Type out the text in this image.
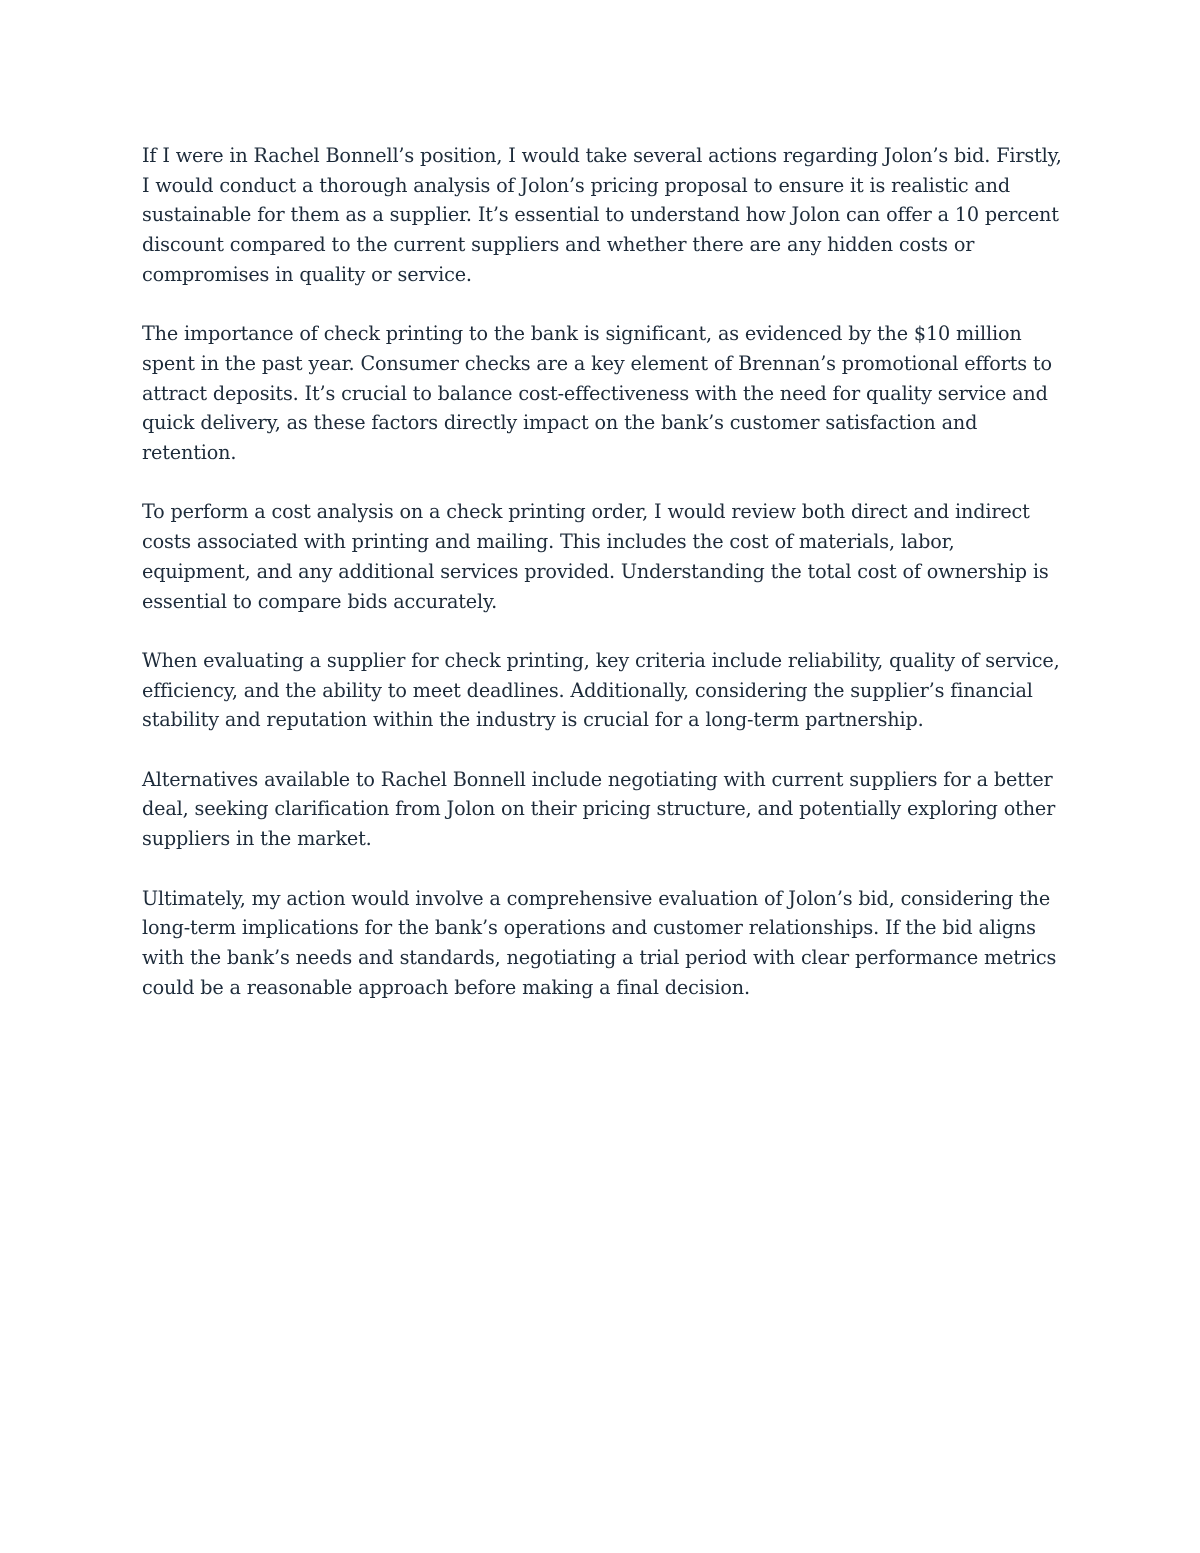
If I were in Rachel Bonnell’s position, I would take several actions regarding Jolon’s bid. Firstly, I would conduct a thorough analysis of Jolon’s pricing proposal to ensure it is realistic and sustainable for them as a supplier. It’s essential to understand how Jolon can offer a 10 percent discount compared to the current suppliers and whether there are any hidden costs or compromises in quality or service.

The importance of check printing to the bank is significant, as evidenced by the $10 million spent in the past year. Consumer checks are a key element of Brennan’s promotional efforts to attract deposits. It’s crucial to balance cost-effectiveness with the need for quality service and quick delivery, as these factors directly impact on the bank’s customer satisfaction and retention.

To perform a cost analysis on a check printing order, I would review both direct and indirect costs associated with printing and mailing. This includes the cost of materials, labor, equipment, and any additional services provided. Understanding the total cost of ownership is essential to compare bids accurately.

When evaluating a supplier for check printing, key criteria include reliability, quality of service, efficiency, and the ability to meet deadlines. Additionally, considering the supplier’s financial stability and reputation within the industry is crucial for a long-term partnership.

Alternatives available to Rachel Bonnell include negotiating with current suppliers for a better deal, seeking clarification from Jolon on their pricing structure, and potentially exploring other suppliers in the market.

Ultimately, my action would involve a comprehensive evaluation of Jolon’s bid, considering the long-term implications for the bank’s operations and customer relationships. If the bid aligns with the bank’s needs and standards, negotiating a trial period with clear performance metrics could be a reasonable approach before making a final decision.
